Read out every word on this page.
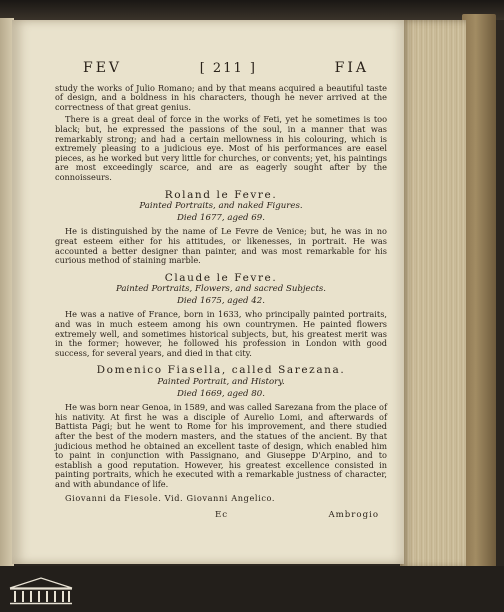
FEV	[ 211 ]	FIA

study the works of Julio Romano; and by that means acquired a beautiful taste of design, and a boldness in his characters, though he never arrived at the correctness of that great genius.

There is a great deal of force in the works of Feti, yet he sometimes is too black; but, he expressed the passions of the soul, in a manner that was remarkably strong; and had a certain mellowness in his colouring, which is extremely pleasing to a judicious eye. Most of his performances are easel pieces, as he worked but very little for churches, or convents; yet, his paintings are most exceedingly scarce, and are as eagerly sought after by the connoisseurs.

Roland le Fevre.
Painted Portraits, and naked Figures.
Died 1677, aged 69.

He is distinguished by the name of Le Fevre de Venice; but, he was in no great esteem either for his attitudes, or likenesses, in portrait. He was accounted a better designer than painter, and was most remarkable for his curious method of staining marble.

Claude le Fevre.
Painted Portraits, Flowers, and sacred Subjects.
Died 1675, aged 42.

He was a native of France, born in 1633, who principally painted portraits, and was in much esteem among his own countrymen. He painted flowers extremely well, and sometimes historical subjects, but, his greatest merit was in the former; however, he followed his profession in London with good success, for several years, and died in that city.

Domenico Fiasella, called Sarezana.
Painted Portrait, and History.
Died 1669, aged 80.

He was born near Genoa, in 1589, and was called Sarezana from the place of his nativity. At first he was a disciple of Aurelio Lomi, and afterwards of Battista Pagi; but he went to Rome for his improvement, and there studied after the best of the modern masters, and the statues of the ancient. By that judicious method he obtained an excellent taste of design, which enabled him to paint in conjunction with Passignano, and Giuseppe D'Arpino, and to establish a good reputation. However, his greatest excellence consisted in painting portraits, which he executed with a remarkable justness of character, and with abundance of life.

Giovanni da Fiesole. Vid. Giovanni Angelico.

Ec	Ambrogio
